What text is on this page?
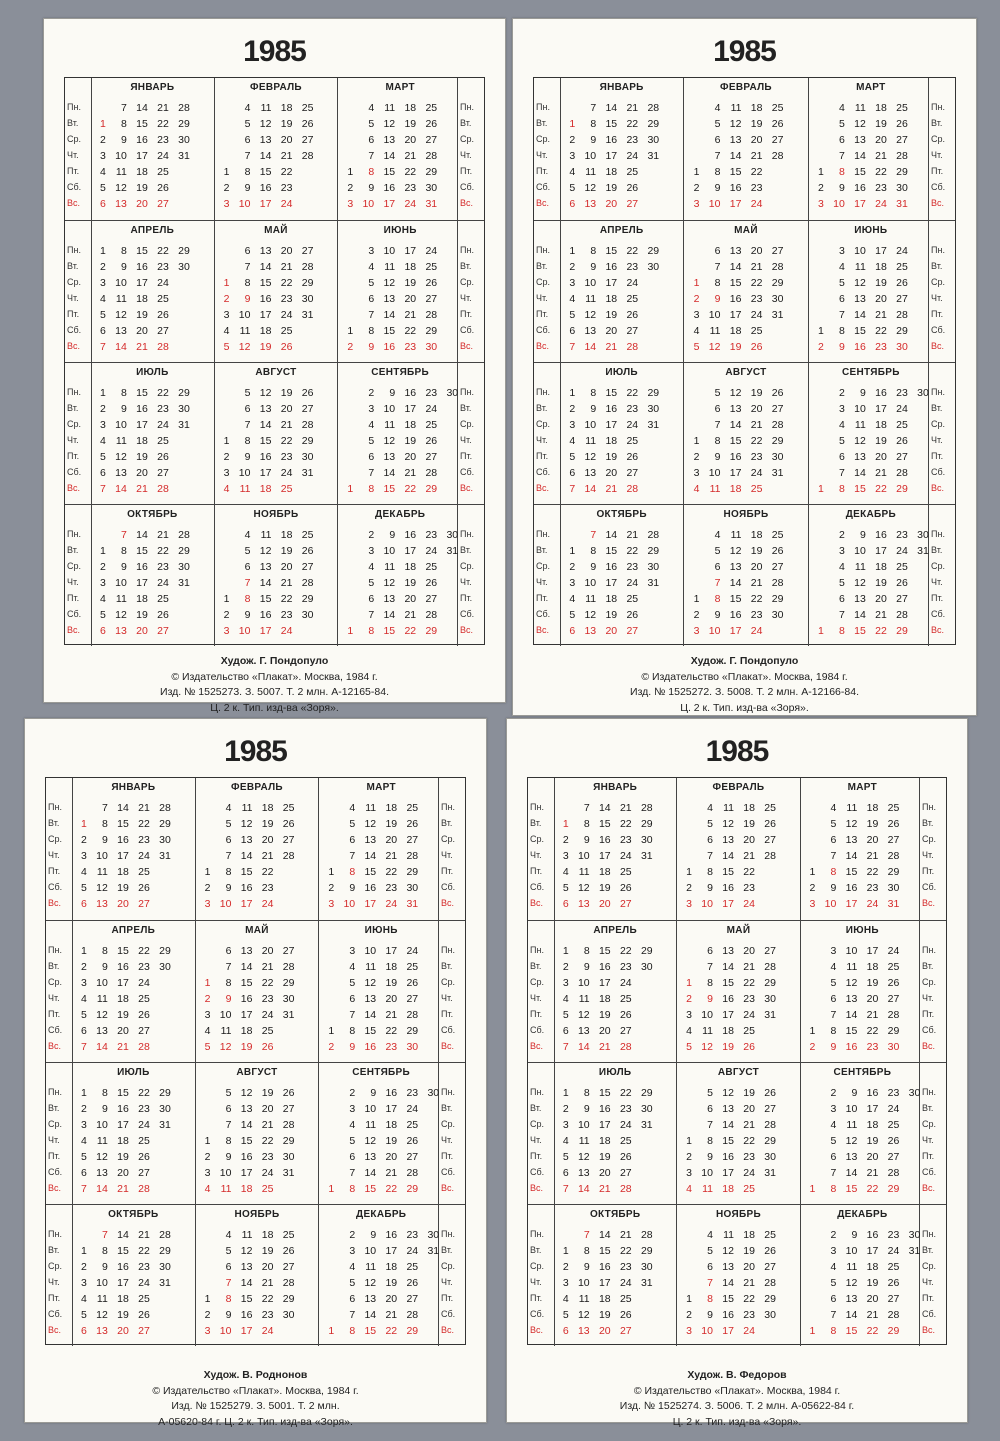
1985
Пн.
Вт.
Ср.
Чт.
Пт.
Сб.
Вс.
Пн.
Вт.
Ср.
Чт.
Пт.
Сб.
Вс.
ЯНВАРЬ
1
2
3
4
5
6
7
8
9
10
11
12
13
14
15
16
17
18
19
20
21
22
23
24
25
26
27
28
29
30
31
ФЕВРАЛЬ
1
2
3
4
5
6
7
8
9
10
11
12
13
14
15
16
17
18
19
20
21
22
23
24
25
26
27
28
МАРТ
1
2
3
4
5
6
7
8
9
10
11
12
13
14
15
16
17
18
19
20
21
22
23
24
25
26
27
28
29
30
31
Пн.
Вт.
Ср.
Чт.
Пт.
Сб.
Вс.
Пн.
Вт.
Ср.
Чт.
Пт.
Сб.
Вс.
АПРЕЛЬ
1
2
3
4
5
6
7
8
9
10
11
12
13
14
15
16
17
18
19
20
21
22
23
24
25
26
27
28
29
30
МАЙ
1
2
3
4
5
6
7
8
9
10
11
12
13
14
15
16
17
18
19
20
21
22
23
24
25
26
27
28
29
30
31
ИЮНЬ
1
2
3
4
5
6
7
8
9
10
11
12
13
14
15
16
17
18
19
20
21
22
23
24
25
26
27
28
29
30
Пн.
Вт.
Ср.
Чт.
Пт.
Сб.
Вс.
Пн.
Вт.
Ср.
Чт.
Пт.
Сб.
Вс.
ИЮЛЬ
1
2
3
4
5
6
7
8
9
10
11
12
13
14
15
16
17
18
19
20
21
22
23
24
25
26
27
28
29
30
31
АВГУСТ
1
2
3
4
5
6
7
8
9
10
11
12
13
14
15
16
17
18
19
20
21
22
23
24
25
26
27
28
29
30
31
СЕНТЯБРЬ
1
2
3
4
5
6
7
8
9
10
11
12
13
14
15
16
17
18
19
20
21
22
23
24
25
26
27
28
29
30
Пн.
Вт.
Ср.
Чт.
Пт.
Сб.
Вс.
Пн.
Вт.
Ср.
Чт.
Пт.
Сб.
Вс.
ОКТЯБРЬ
1
2
3
4
5
6
7
8
9
10
11
12
13
14
15
16
17
18
19
20
21
22
23
24
25
26
27
28
29
30
31
НОЯБРЬ
1
2
3
4
5
6
7
8
9
10
11
12
13
14
15
16
17
18
19
20
21
22
23
24
25
26
27
28
29
30
ДЕКАБРЬ
1
2
3
4
5
6
7
8
9
10
11
12
13
14
15
16
17
18
19
20
21
22
23
24
25
26
27
28
29
30
31
Худож. Г. Пондопуло
© Издательство «Плакат». Москва, 1984 г.
Изд. № 1525273. З. 5007. Т. 2 млн. А-12165-84.
Ц. 2 к. Тип. изд-ва «Зоря».
1985
Пн.
Вт.
Ср.
Чт.
Пт.
Сб.
Вс.
Пн.
Вт.
Ср.
Чт.
Пт.
Сб.
Вс.
ЯНВАРЬ
1
2
3
4
5
6
7
8
9
10
11
12
13
14
15
16
17
18
19
20
21
22
23
24
25
26
27
28
29
30
31
ФЕВРАЛЬ
1
2
3
4
5
6
7
8
9
10
11
12
13
14
15
16
17
18
19
20
21
22
23
24
25
26
27
28
МАРТ
1
2
3
4
5
6
7
8
9
10
11
12
13
14
15
16
17
18
19
20
21
22
23
24
25
26
27
28
29
30
31
Пн.
Вт.
Ср.
Чт.
Пт.
Сб.
Вс.
Пн.
Вт.
Ср.
Чт.
Пт.
Сб.
Вс.
АПРЕЛЬ
1
2
3
4
5
6
7
8
9
10
11
12
13
14
15
16
17
18
19
20
21
22
23
24
25
26
27
28
29
30
МАЙ
1
2
3
4
5
6
7
8
9
10
11
12
13
14
15
16
17
18
19
20
21
22
23
24
25
26
27
28
29
30
31
ИЮНЬ
1
2
3
4
5
6
7
8
9
10
11
12
13
14
15
16
17
18
19
20
21
22
23
24
25
26
27
28
29
30
Пн.
Вт.
Ср.
Чт.
Пт.
Сб.
Вс.
Пн.
Вт.
Ср.
Чт.
Пт.
Сб.
Вс.
ИЮЛЬ
1
2
3
4
5
6
7
8
9
10
11
12
13
14
15
16
17
18
19
20
21
22
23
24
25
26
27
28
29
30
31
АВГУСТ
1
2
3
4
5
6
7
8
9
10
11
12
13
14
15
16
17
18
19
20
21
22
23
24
25
26
27
28
29
30
31
СЕНТЯБРЬ
1
2
3
4
5
6
7
8
9
10
11
12
13
14
15
16
17
18
19
20
21
22
23
24
25
26
27
28
29
30
Пн.
Вт.
Ср.
Чт.
Пт.
Сб.
Вс.
Пн.
Вт.
Ср.
Чт.
Пт.
Сб.
Вс.
ОКТЯБРЬ
1
2
3
4
5
6
7
8
9
10
11
12
13
14
15
16
17
18
19
20
21
22
23
24
25
26
27
28
29
30
31
НОЯБРЬ
1
2
3
4
5
6
7
8
9
10
11
12
13
14
15
16
17
18
19
20
21
22
23
24
25
26
27
28
29
30
ДЕКАБРЬ
1
2
3
4
5
6
7
8
9
10
11
12
13
14
15
16
17
18
19
20
21
22
23
24
25
26
27
28
29
30
31
Худож. Г. Пондопуло
© Издательство «Плакат». Москва, 1984 г.
Изд. № 1525272. З. 5008. Т. 2 млн. А-12166-84.
Ц. 2 к. Тип. изд-ва «Зоря».
1985
Пн.
Вт.
Ср.
Чт.
Пт.
Сб.
Вс.
Пн.
Вт.
Ср.
Чт.
Пт.
Сб.
Вс.
ЯНВАРЬ
1
2
3
4
5
6
7
8
9
10
11
12
13
14
15
16
17
18
19
20
21
22
23
24
25
26
27
28
29
30
31
ФЕВРАЛЬ
1
2
3
4
5
6
7
8
9
10
11
12
13
14
15
16
17
18
19
20
21
22
23
24
25
26
27
28
МАРТ
1
2
3
4
5
6
7
8
9
10
11
12
13
14
15
16
17
18
19
20
21
22
23
24
25
26
27
28
29
30
31
Пн.
Вт.
Ср.
Чт.
Пт.
Сб.
Вс.
Пн.
Вт.
Ср.
Чт.
Пт.
Сб.
Вс.
АПРЕЛЬ
1
2
3
4
5
6
7
8
9
10
11
12
13
14
15
16
17
18
19
20
21
22
23
24
25
26
27
28
29
30
МАЙ
1
2
3
4
5
6
7
8
9
10
11
12
13
14
15
16
17
18
19
20
21
22
23
24
25
26
27
28
29
30
31
ИЮНЬ
1
2
3
4
5
6
7
8
9
10
11
12
13
14
15
16
17
18
19
20
21
22
23
24
25
26
27
28
29
30
Пн.
Вт.
Ср.
Чт.
Пт.
Сб.
Вс.
Пн.
Вт.
Ср.
Чт.
Пт.
Сб.
Вс.
ИЮЛЬ
1
2
3
4
5
6
7
8
9
10
11
12
13
14
15
16
17
18
19
20
21
22
23
24
25
26
27
28
29
30
31
АВГУСТ
1
2
3
4
5
6
7
8
9
10
11
12
13
14
15
16
17
18
19
20
21
22
23
24
25
26
27
28
29
30
31
СЕНТЯБРЬ
1
2
3
4
5
6
7
8
9
10
11
12
13
14
15
16
17
18
19
20
21
22
23
24
25
26
27
28
29
30
Пн.
Вт.
Ср.
Чт.
Пт.
Сб.
Вс.
Пн.
Вт.
Ср.
Чт.
Пт.
Сб.
Вс.
ОКТЯБРЬ
1
2
3
4
5
6
7
8
9
10
11
12
13
14
15
16
17
18
19
20
21
22
23
24
25
26
27
28
29
30
31
НОЯБРЬ
1
2
3
4
5
6
7
8
9
10
11
12
13
14
15
16
17
18
19
20
21
22
23
24
25
26
27
28
29
30
ДЕКАБРЬ
1
2
3
4
5
6
7
8
9
10
11
12
13
14
15
16
17
18
19
20
21
22
23
24
25
26
27
28
29
30
31
Худож. В. Роднонов
© Издательство «Плакат». Москва, 1984 г.
Изд. № 1525279. З. 5001. Т. 2 млн.
А-05620-84 г. Ц. 2 к. Тип. изд-ва «Зоря».
1985
Пн.
Вт.
Ср.
Чт.
Пт.
Сб.
Вс.
Пн.
Вт.
Ср.
Чт.
Пт.
Сб.
Вс.
ЯНВАРЬ
1
2
3
4
5
6
7
8
9
10
11
12
13
14
15
16
17
18
19
20
21
22
23
24
25
26
27
28
29
30
31
ФЕВРАЛЬ
1
2
3
4
5
6
7
8
9
10
11
12
13
14
15
16
17
18
19
20
21
22
23
24
25
26
27
28
МАРТ
1
2
3
4
5
6
7
8
9
10
11
12
13
14
15
16
17
18
19
20
21
22
23
24
25
26
27
28
29
30
31
Пн.
Вт.
Ср.
Чт.
Пт.
Сб.
Вс.
Пн.
Вт.
Ср.
Чт.
Пт.
Сб.
Вс.
АПРЕЛЬ
1
2
3
4
5
6
7
8
9
10
11
12
13
14
15
16
17
18
19
20
21
22
23
24
25
26
27
28
29
30
МАЙ
1
2
3
4
5
6
7
8
9
10
11
12
13
14
15
16
17
18
19
20
21
22
23
24
25
26
27
28
29
30
31
ИЮНЬ
1
2
3
4
5
6
7
8
9
10
11
12
13
14
15
16
17
18
19
20
21
22
23
24
25
26
27
28
29
30
Пн.
Вт.
Ср.
Чт.
Пт.
Сб.
Вс.
Пн.
Вт.
Ср.
Чт.
Пт.
Сб.
Вс.
ИЮЛЬ
1
2
3
4
5
6
7
8
9
10
11
12
13
14
15
16
17
18
19
20
21
22
23
24
25
26
27
28
29
30
31
АВГУСТ
1
2
3
4
5
6
7
8
9
10
11
12
13
14
15
16
17
18
19
20
21
22
23
24
25
26
27
28
29
30
31
СЕНТЯБРЬ
1
2
3
4
5
6
7
8
9
10
11
12
13
14
15
16
17
18
19
20
21
22
23
24
25
26
27
28
29
30
Пн.
Вт.
Ср.
Чт.
Пт.
Сб.
Вс.
Пн.
Вт.
Ср.
Чт.
Пт.
Сб.
Вс.
ОКТЯБРЬ
1
2
3
4
5
6
7
8
9
10
11
12
13
14
15
16
17
18
19
20
21
22
23
24
25
26
27
28
29
30
31
НОЯБРЬ
1
2
3
4
5
6
7
8
9
10
11
12
13
14
15
16
17
18
19
20
21
22
23
24
25
26
27
28
29
30
ДЕКАБРЬ
1
2
3
4
5
6
7
8
9
10
11
12
13
14
15
16
17
18
19
20
21
22
23
24
25
26
27
28
29
30
31
Худож. В. Федоров
© Издательство «Плакат». Москва, 1984 г.
Изд. № 1525274. З. 5006. Т. 2 млн. А-05622-84 г.
Ц. 2 к. Тип. изд-ва «Зоря».
